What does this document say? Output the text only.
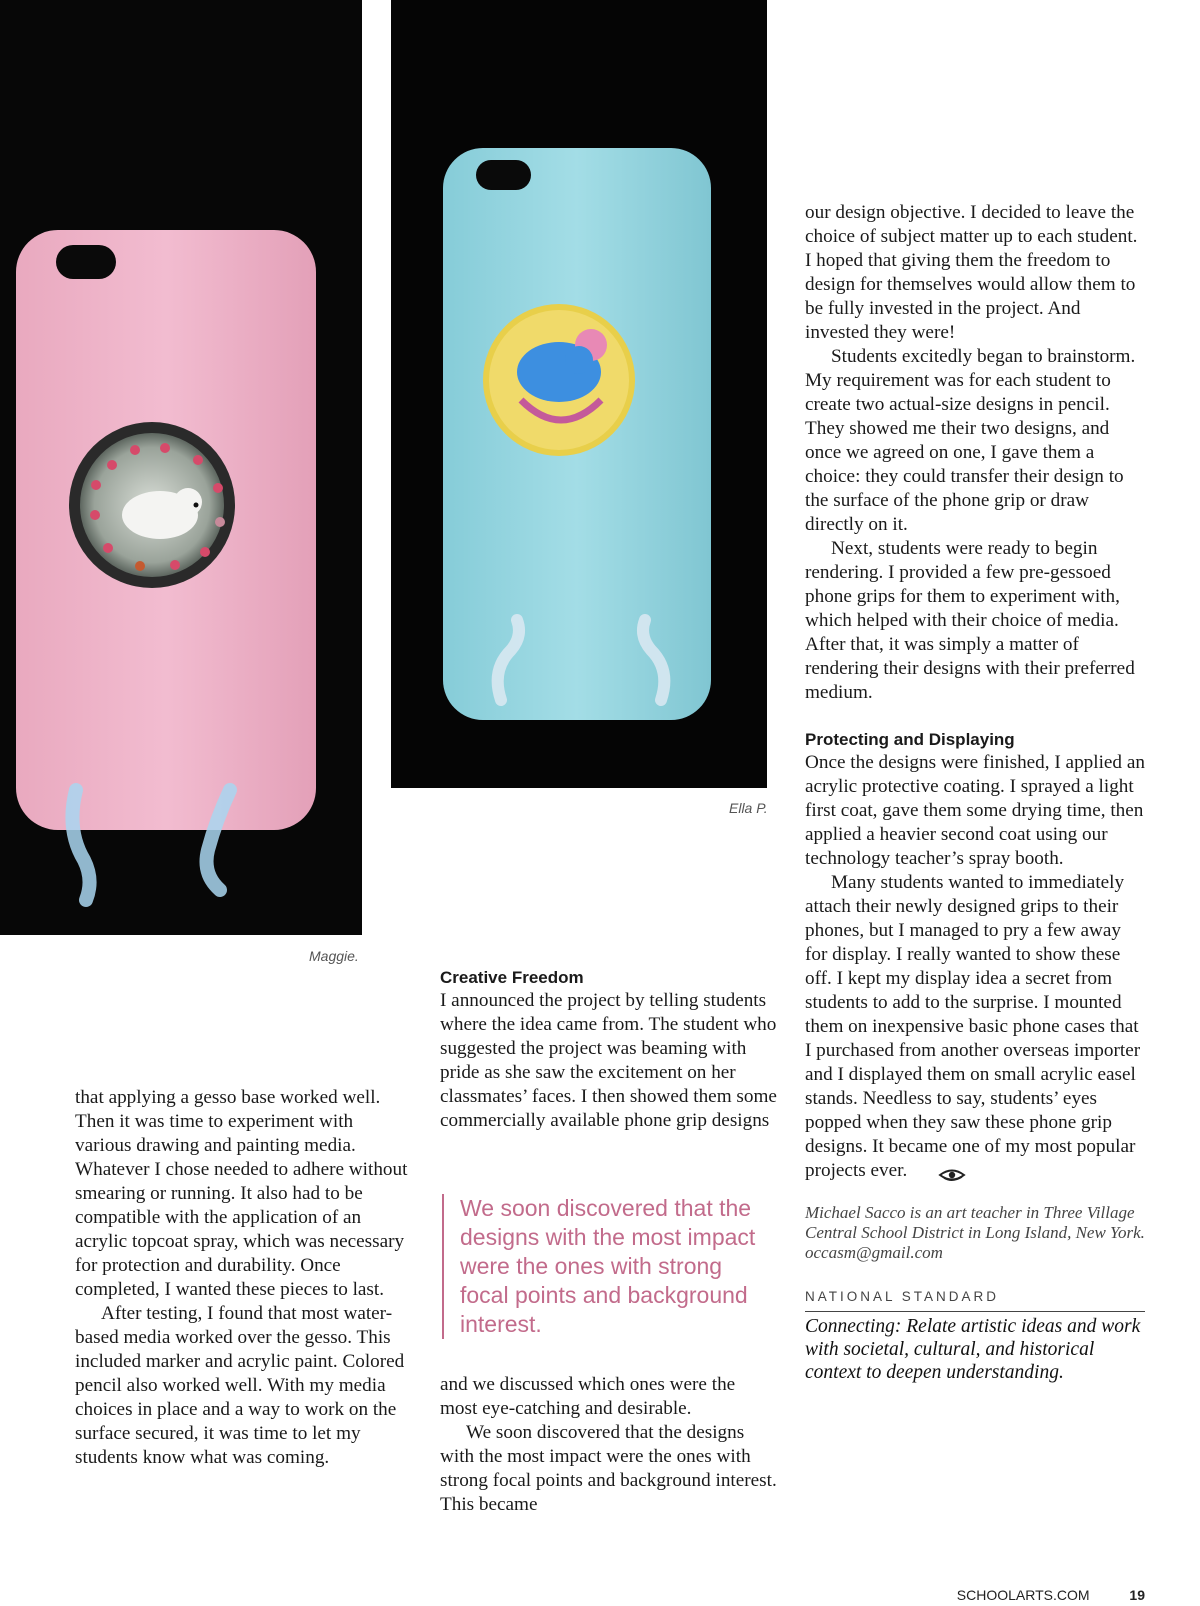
Maggie.
Ella P.

that applying a gesso base worked well. Then it was time to experiment with various drawing and painting media. Whatever I chose needed to adhere without smearing or running. It also had to be compatible with the application of an acrylic topcoat spray, which was necessary for protection and durability. Once completed, I wanted these pieces to last.

After testing, I found that most water-based media worked over the gesso. This included marker and acrylic paint. Colored pencil also worked well. With my media choices in place and a way to work on the surface secured, it was time to let my students know what was coming.

Creative Freedom

I announced the project by telling students where the idea came from. The student who suggested the project was beaming with pride as she saw the excitement on her classmates’ faces. I then showed them some commercially available phone grip designs

We soon discovered that the designs with the most impact were the ones with strong focal points and background interest.

and we discussed which ones were the most eye-catching and desirable.

We soon discovered that the designs with the most impact were the ones with strong focal points and background interest. This became

our design objective. I decided to leave the choice of subject matter up to each student. I hoped that giving them the freedom to design for themselves would allow them to be fully invested in the project. And invested they were!

Students excitedly began to brainstorm. My requirement was for each student to create two actual-size designs in pencil. They showed me their two designs, and once we agreed on one, I gave them a choice: they could transfer their design to the surface of the phone grip or draw directly on it.

Next, students were ready to begin rendering. I provided a few pre-gessoed phone grips for them to experiment with, which helped with their choice of media. After that, it was simply a matter of rendering their designs with their preferred medium.

Protecting and Displaying

Once the designs were finished, I applied an acrylic protective coating. I sprayed a light first coat, gave them some drying time, then applied a heavier second coat using our technology teacher’s spray booth.

Many students wanted to immediately attach their newly designed grips to their phones, but I managed to pry a few away for display. I really wanted to show these off. I kept my display idea a secret from students to add to the surprise. I mounted them on inexpensive basic phone cases that I purchased from another overseas importer and I displayed them on small acrylic easel stands. Needless to say, students’ eyes popped when they saw these phone grip designs. It became one of my most popular projects ever.

Michael Sacco is an art teacher in Three Village Central School District in Long Island, New York. occasm@gmail.com

NATIONAL STANDARD
Connecting: Relate artistic ideas and work with societal, cultural, and historical context to deepen understanding.
SCHOOLARTS.COM	19
